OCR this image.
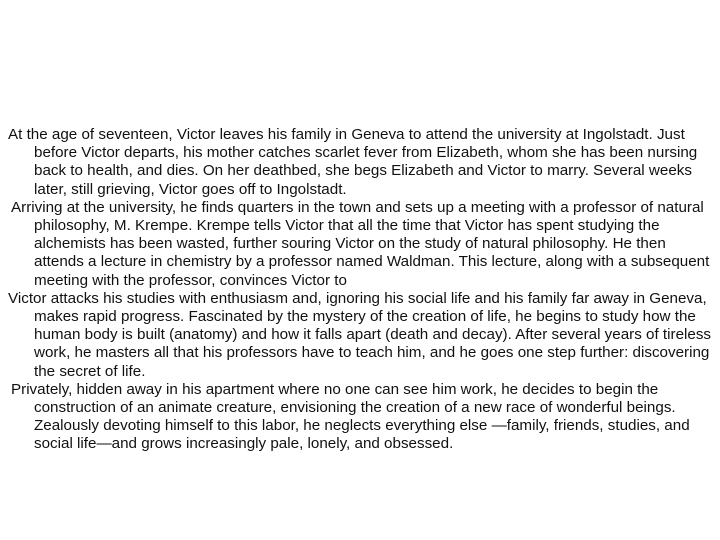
At the age of seventeen, Victor leaves his family in Geneva to attend the university at Ingolstadt. Just before Victor departs, his mother catches scarlet fever from Elizabeth, whom she has been nursing back to health, and dies. On her deathbed, she begs Elizabeth and Victor to marry. Several weeks later, still grieving, Victor goes off to Ingolstadt.

Arriving at the university, he finds quarters in the town and sets up a meeting with a professor of natural philosophy, M. Krempe. Krempe tells Victor that all the time that Victor has spent studying the alchemists has been wasted, further souring Victor on the study of natural philosophy. He then attends a lecture in chemistry by a professor named Waldman. This lecture, along with a subsequent meeting with the professor, convinces Victor to

Victor attacks his studies with enthusiasm and, ignoring his social life and his family far away in Geneva, makes rapid progress. Fascinated by the mystery of the creation of life, he begins to study how the human body is built (anatomy) and how it falls apart (death and decay). After several years of tireless work, he masters all that his professors have to teach him, and he goes one step further: discovering the secret of life.

Privately, hidden away in his apartment where no one can see him work, he decides to begin the construction of an animate creature, envisioning the creation of a new race of wonderful beings. Zealously devoting himself to this labor, he neglects everything else —family, friends, studies, and social life—and grows increasingly pale, lonely, and obsessed.
